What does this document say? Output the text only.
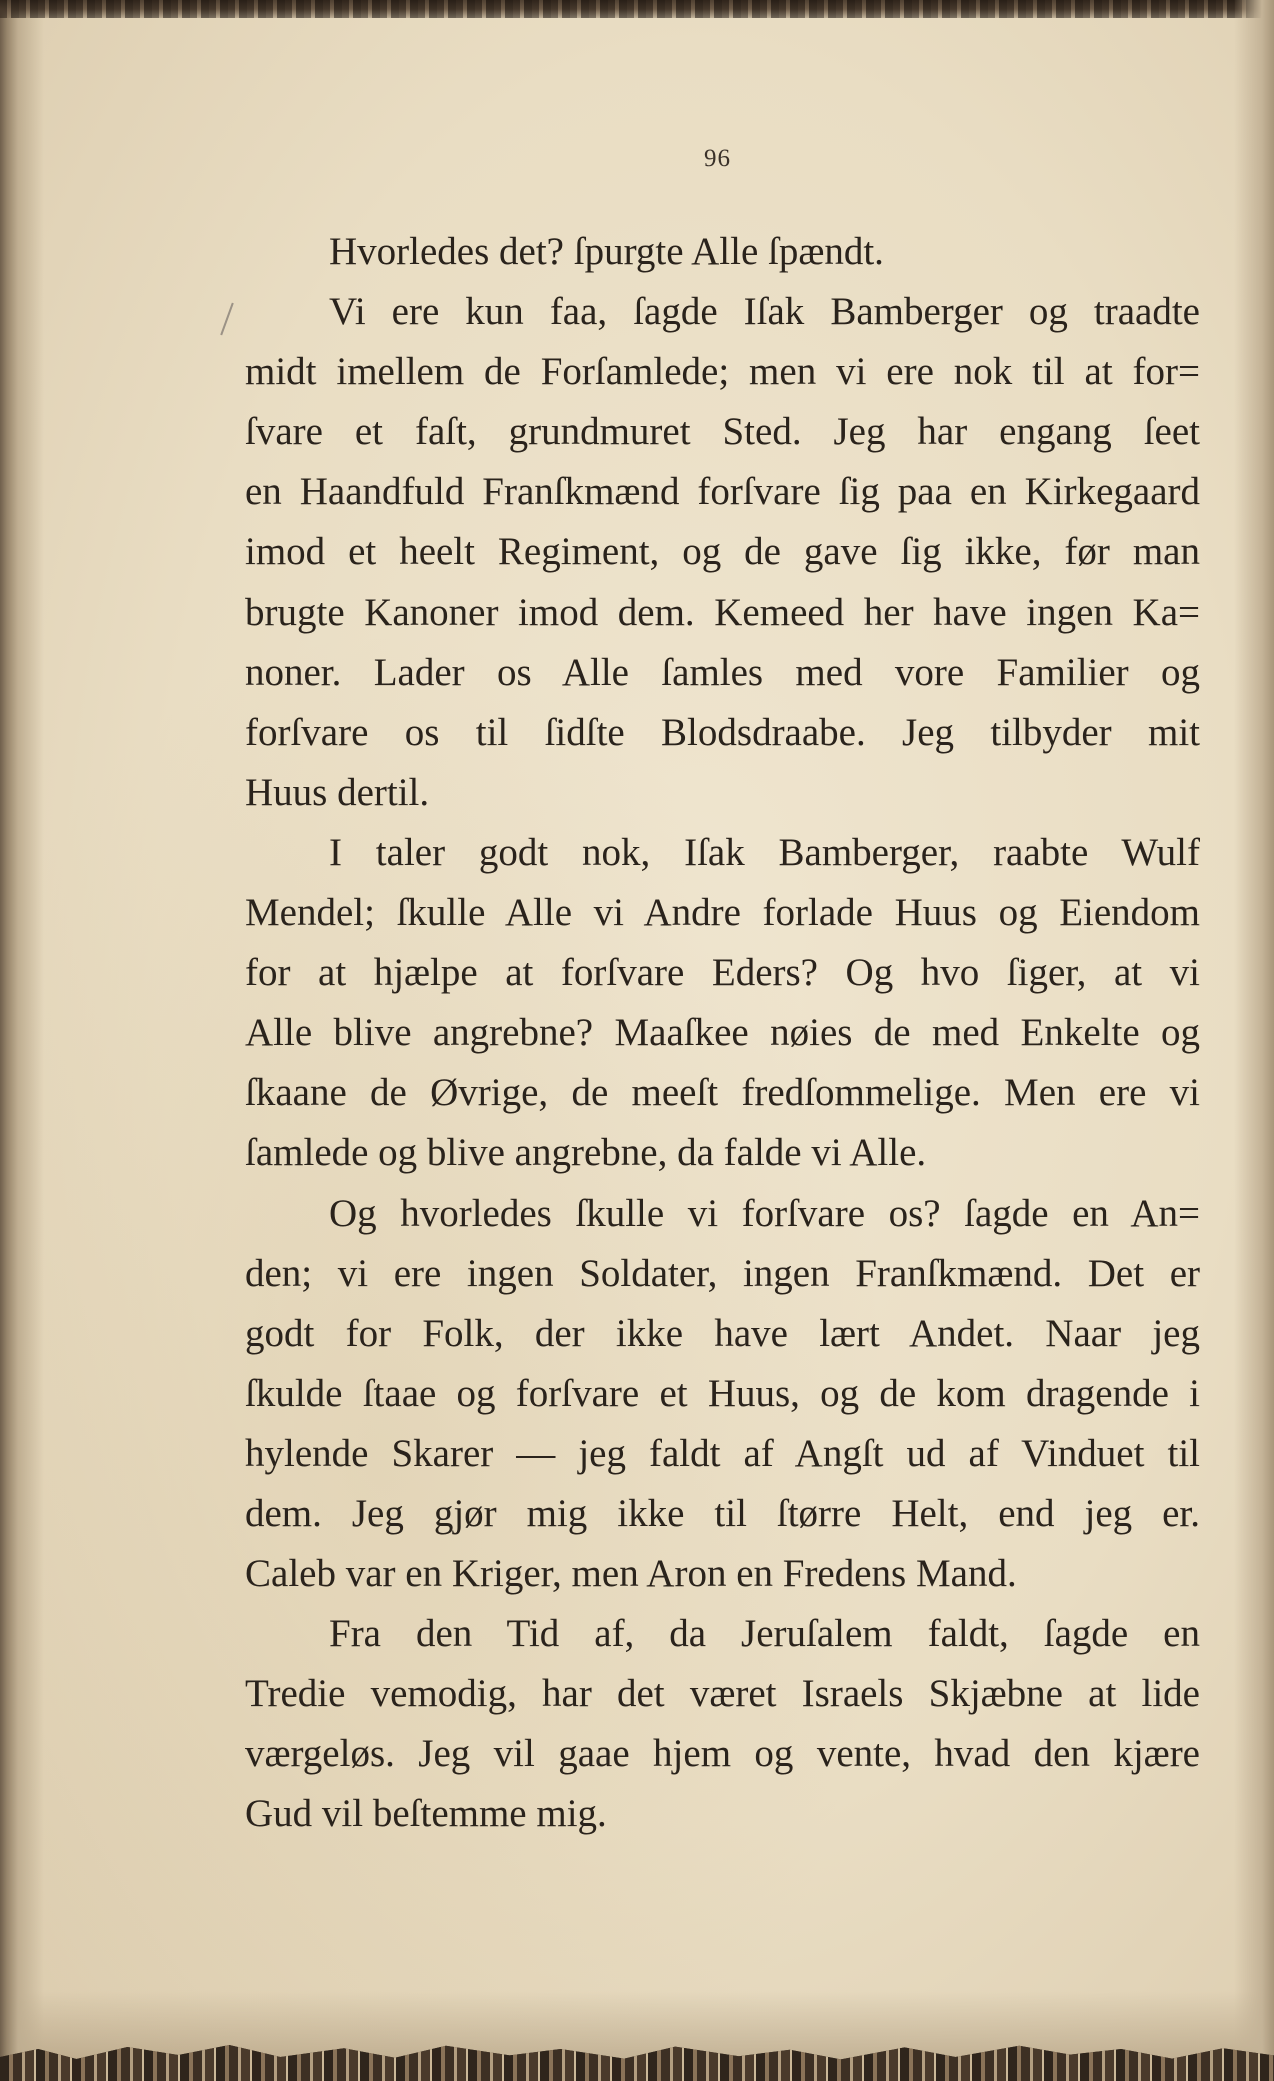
96
Hvorledes det? ſpurgte Alle ſpændt.
Vi ere kun faa, ſagde Iſak Bamberger og traadte
midt imellem de Forſamlede; men vi ere nok til at for=
ſvare et faſt, grundmuret Sted. Jeg har engang ſeet
en Haandfuld Franſkmænd forſvare ſig paa en Kirkegaard
imod et heelt Regiment, og de gave ſig ikke, før man
brugte Kanoner imod dem. Kemeed her have ingen Ka=
noner. Lader os Alle ſamles med vore Familier og
forſvare os til ſidſte Blodsdraabe. Jeg tilbyder mit
Huus dertil.
I taler godt nok, Iſak Bamberger, raabte Wulf
Mendel; ſkulle Alle vi Andre forlade Huus og Eiendom
for at hjælpe at forſvare Eders? Og hvo ſiger, at vi
Alle blive angrebne? Maaſkee nøies de med Enkelte og
ſkaane de Øvrige, de meeſt fredſommelige. Men ere vi
ſamlede og blive angrebne, da falde vi Alle.
Og hvorledes ſkulle vi forſvare os? ſagde en An=
den; vi ere ingen Soldater, ingen Franſkmænd. Det er
godt for Folk, der ikke have lært Andet. Naar jeg
ſkulde ſtaae og forſvare et Huus, og de kom dragende i
hylende Skarer — jeg faldt af Angſt ud af Vinduet til
dem. Jeg gjør mig ikke til ſtørre Helt, end jeg er.
Caleb var en Kriger, men Aron en Fredens Mand.
Fra den Tid af, da Jeruſalem faldt, ſagde en
Tredie vemodig, har det været Israels Skjæbne at lide
værgeløs. Jeg vil gaae hjem og vente, hvad den kjære
Gud vil beſtemme mig.
